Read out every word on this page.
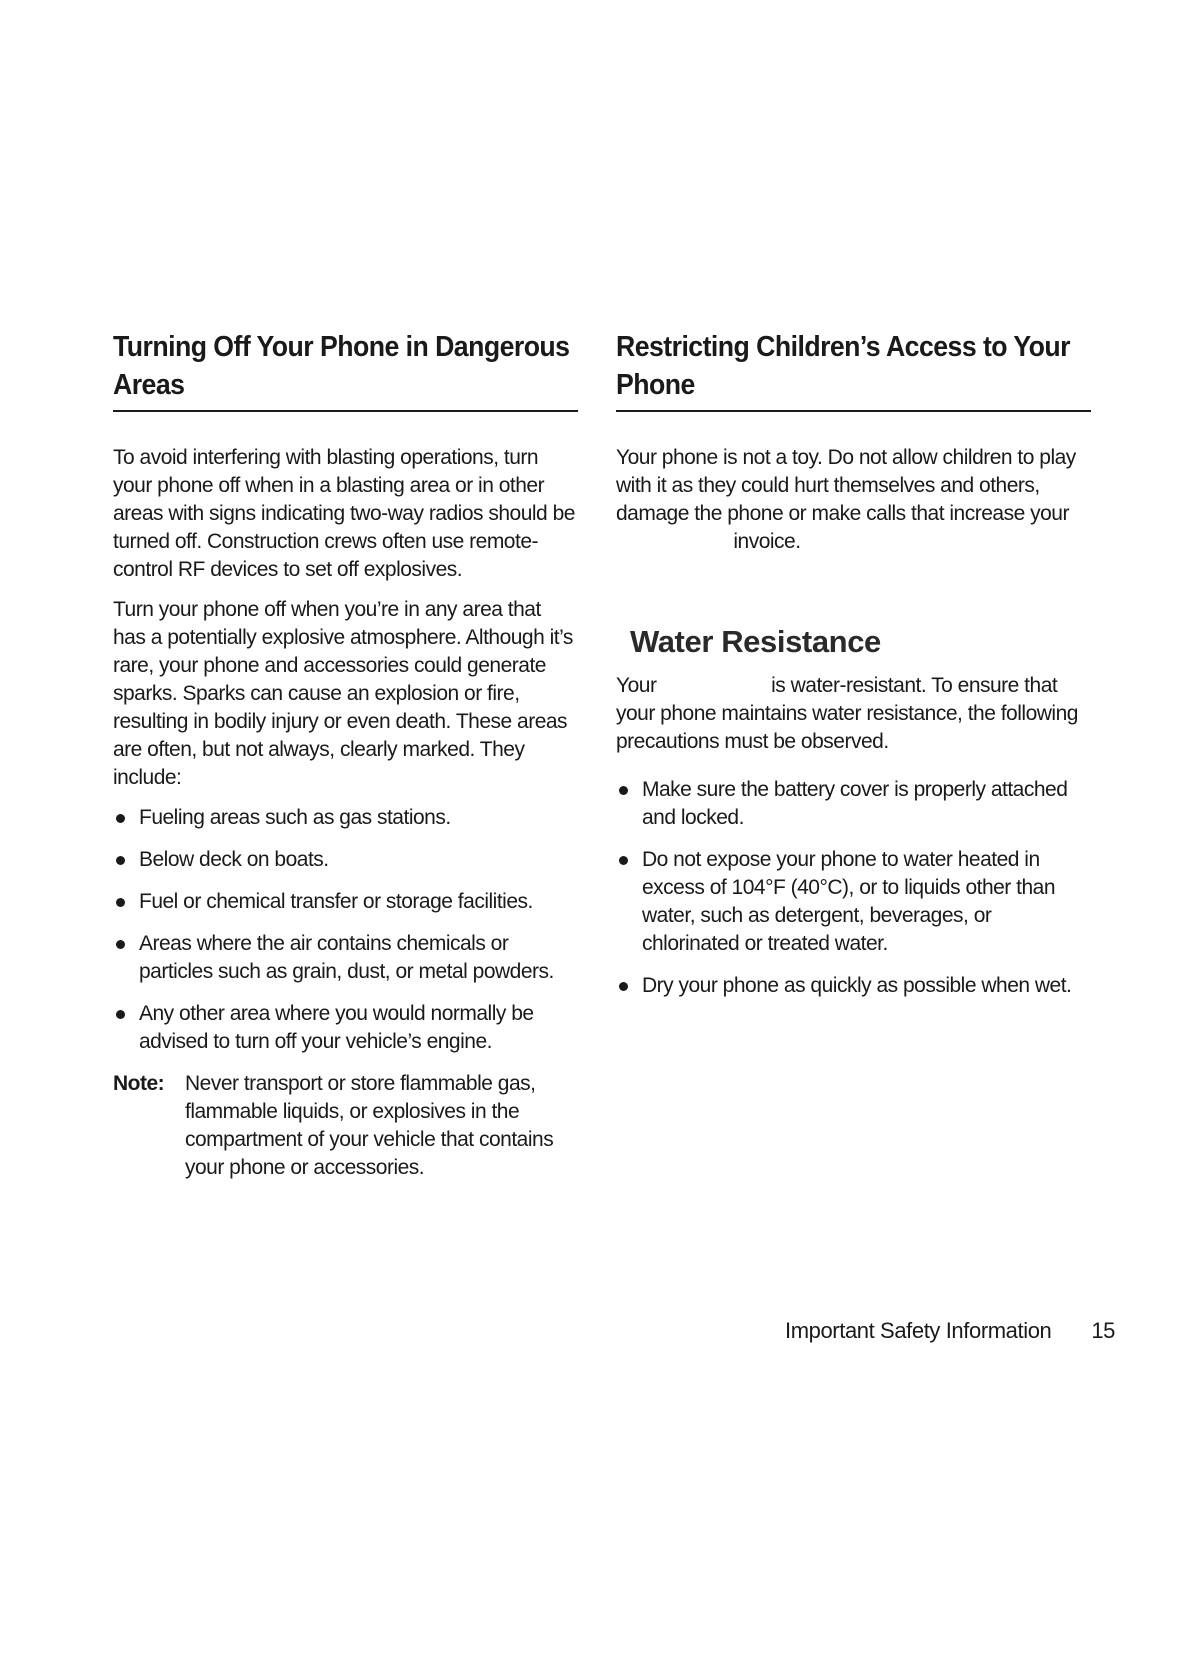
Turning Off Your Phone in Dangerous Areas

To avoid interfering with blasting operations, turn your phone off when in a blasting area or in other areas with signs indicating two-way radios should be turned off. Construction crews often use remote-control RF devices to set off explosives.

Turn your phone off when you’re in any area that has a potentially explosive atmosphere. Although it’s rare, your phone and accessories could generate sparks. Sparks can cause an explosion or fire, resulting in bodily injury or even death. These areas are often, but not always, clearly marked. They include:

Fueling areas such as gas stations.
Below deck on boats.
Fuel or chemical transfer or storage facilities.
Areas where the air contains chemicals or particles such as grain, dust, or metal powders.
Any other area where you would normally be advised to turn off your vehicle’s engine.
Note: Never transport or store flammable gas, flammable liquids, or explosives in the compartment of your vehicle that contains your phone or accessories.
Restricting Children’s Access to Your Phone

Your phone is not a toy. Do not allow children to play with it as they could hurt themselves and others, damage the phone or make calls that increase your  invoice.

Water Resistance

Your	is water-resistant. To ensure that your phone maintains water resistance, the following precautions must be observed.

Make sure the battery cover is properly attached and locked.
Do not expose your phone to water heated in excess of 104°F (40°C), or to liquids other than water, such as detergent, beverages, or chlorinated or treated water.
Dry your phone as quickly as possible when wet.
Important Safety Information 15
